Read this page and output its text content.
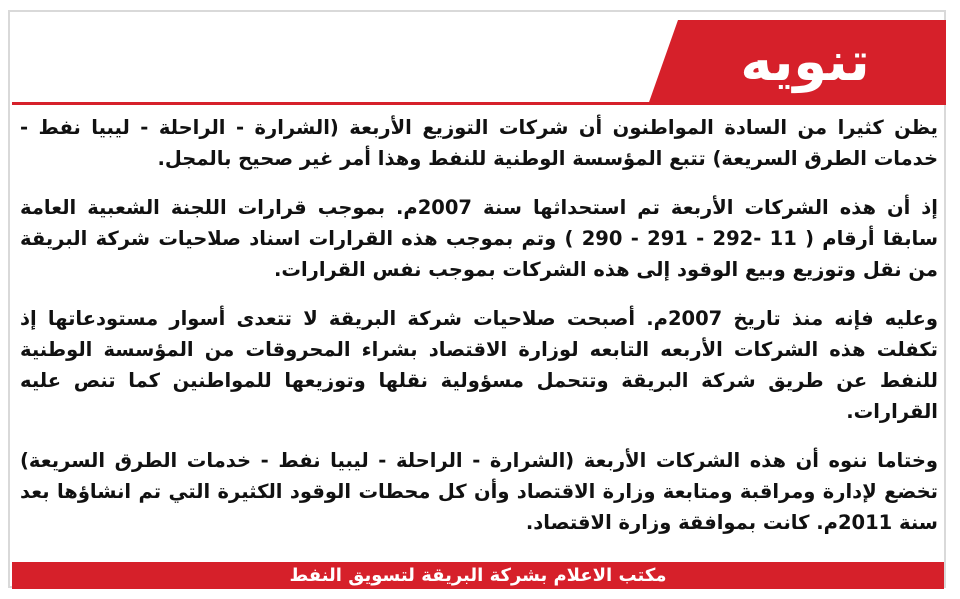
تنويه

يظن كثيرا من السادة المواطنون أن شركات التوزيع الأربعة (الشرارة - الراحلة - ليبيا نفط - خدمات الطرق السريعة) تتبع المؤسسة الوطنية للنفط وهذا أمر غير صحيح بالمجل.

إذ أن هذه الشركات الأربعة تم استحداثها سنة 2007م. بموجب قرارات اللجنة الشعبية العامة سابقا أرقام ( 11 -292 - 291 - 290 ) وتم بموجب هذه القرارات اسناد صلاحيات شركة البريقة من نقل وتوزيع وبيع الوقود إلى هذه الشركات بموجب نفس القرارات.

وعليه فإنه منذ تاريخ 2007م. أصبحت صلاحيات شركة البريقة لا تتعدى أسوار مستودعاتها إذ تكفلت هذه الشركات الأربعه التابعه لوزارة الاقتصاد بشراء المحروقات من المؤسسة الوطنية للنفط عن طريق شركة البريقة وتتحمل مسؤولية نقلها وتوزيعها للمواطنين كما تنص عليه القرارات.

وختاما ننوه أن هذه الشركات الأربعة (الشرارة - الراحلة - ليبيا نفط - خدمات الطرق السريعة) تخضع لإدارة ومراقبة ومتابعة وزارة الاقتصاد وأن كل محطات الوقود الكثيرة التي تم انشاؤها بعد سنة 2011م. كانت بموافقة وزارة الاقتصاد.

مكتب الاعلام بشركة البريقة لتسويق النفط
